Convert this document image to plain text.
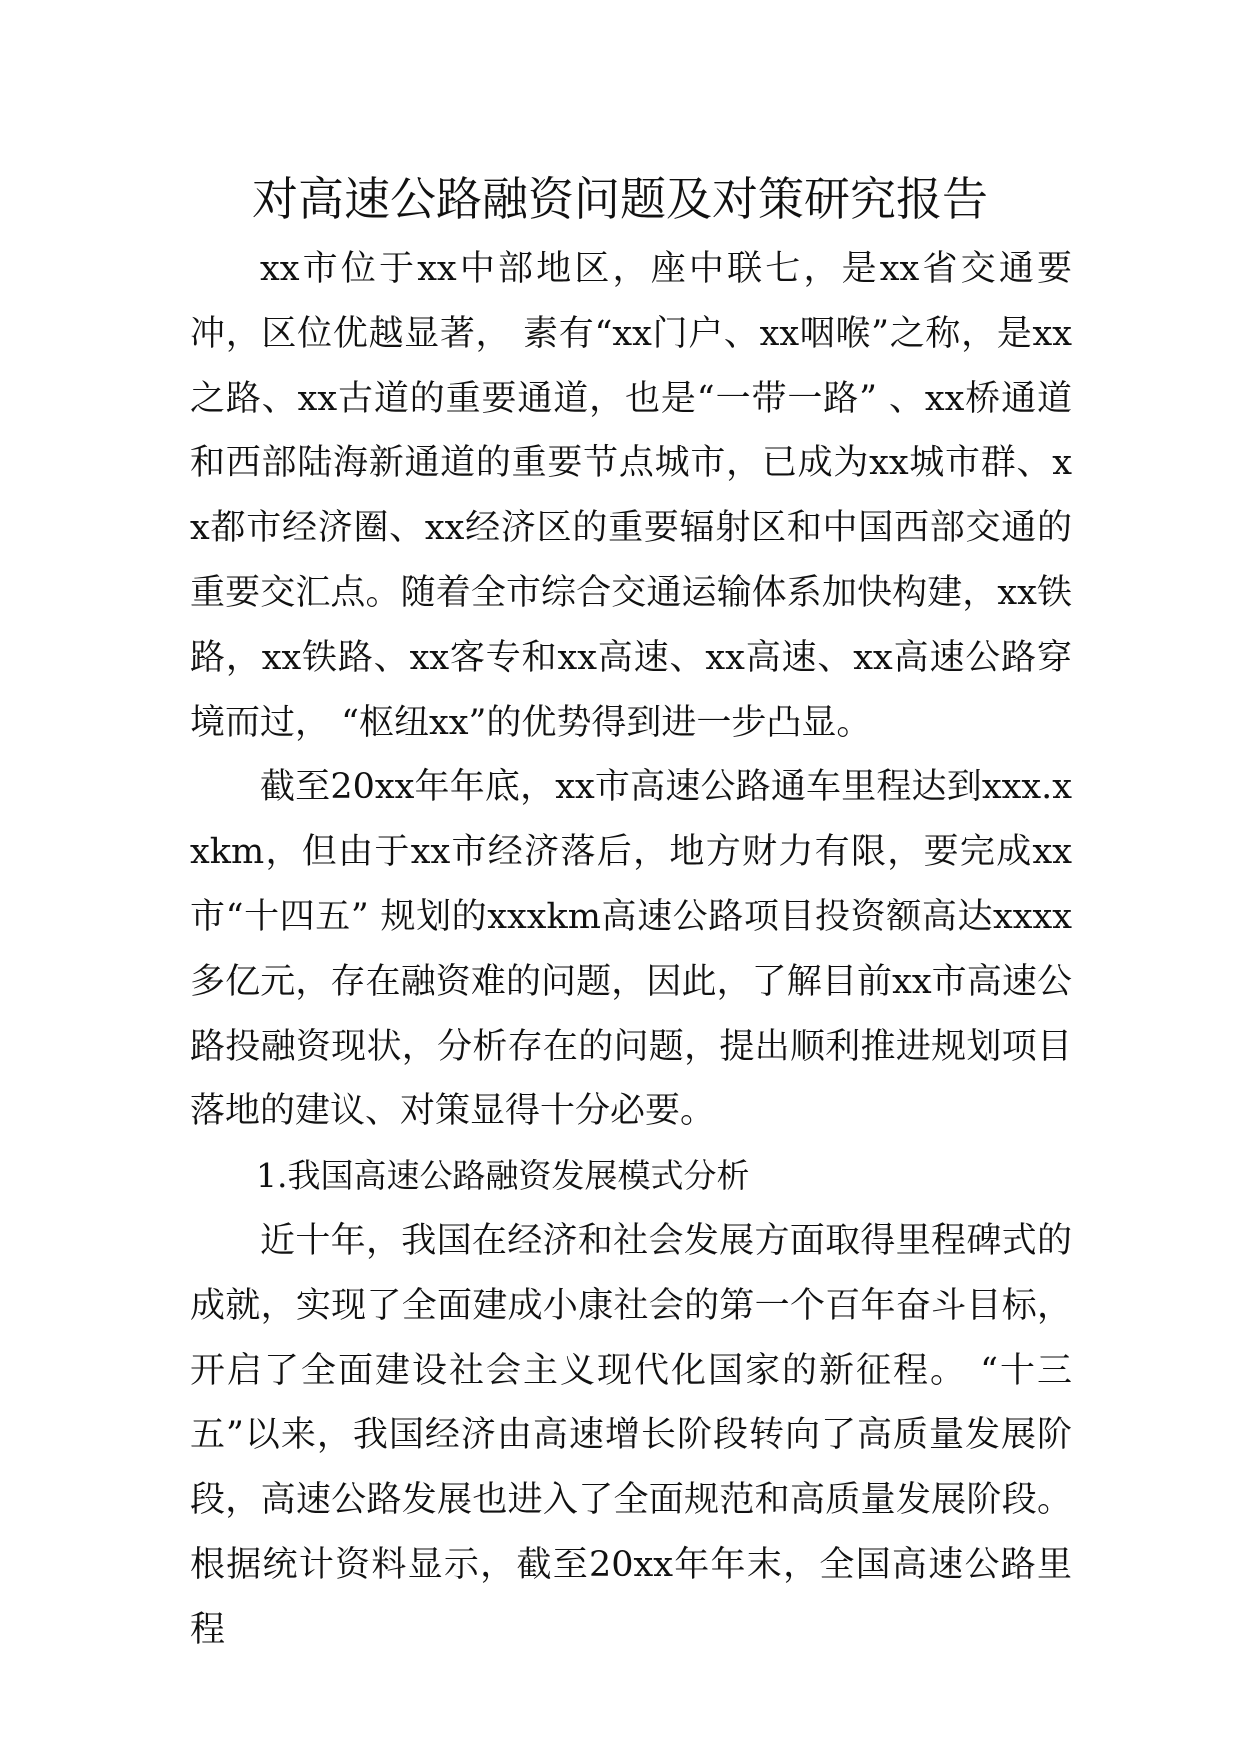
对高速公路融资问题及对策研究报告

xx市位于xx中部地区，座中联七，是xx省交通要冲，区位优越显著， 素有“xx门户、xx咽喉”之称，是xx之路、xx古道的重要通道，也是“一带一路” 、xx桥通道和西部陆海新通道的重要节点城市，已成为xx城市群、xx都市经济圈、xx经济区的重要辐射区和中国西部交通的重要交汇点。随着全市综合交通运输体系加快构建，xx铁路，xx铁路、xx客专和xx高速、xx高速、xx高速公路穿境而过， “枢纽xx”的优势得到进一步凸显。

截至20xx年年底，xx市高速公路通车里程达到xxx.xxkm，但由于xx市经济落后，地方财力有限，要完成xx市“十四五” 规划的xxxkm高速公路项目投资额高达xxxx多亿元，存在融资难的问题，因此，了解目前xx市高速公路投融资现状，分析存在的问题，提出顺利推进规划项目落地的建议、对策显得十分必要。

1.我国高速公路融资发展模式分析

近十年，我国在经济和社会发展方面取得里程碑式的成就，实现了全面建成小康社会的第一个百年奋斗目标，开启了全面建设社会主义现代化国家的新征程。 “十三五”以来，我国经济由高速增长阶段转向了高质量发展阶段，高速公路发展也进入了全面规范和高质量发展阶段。根据统计资料显示，截至20xx年年末，全国高速公路里程
